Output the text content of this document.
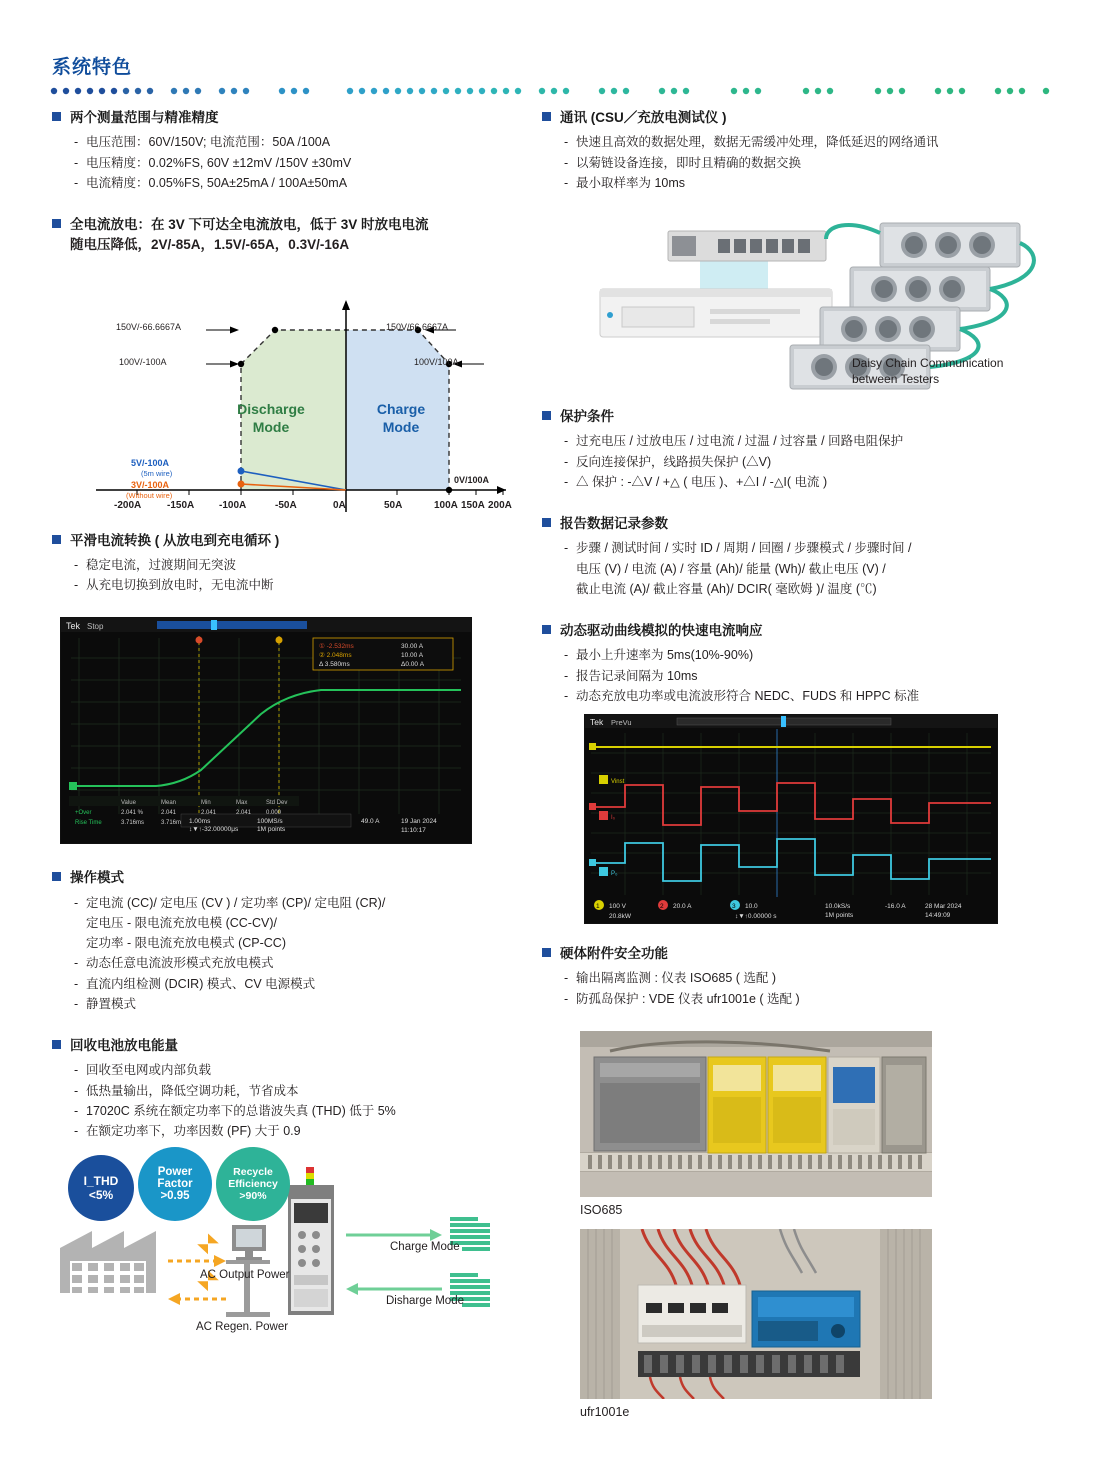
系统特色
两个测量范围与精准精度
- 电压范围：60V/150V; 电流范围：50A /100A
- 电压精度：0.02%FS, 60V ±12mV /150V ±30mV
- 电流精度：0.05%FS, 50A±25mA / 100A±50mA
全电流放电：在 3V 下可达全电流放电，低于 3V 时放电电流
随电压降低，2V/-85A，1.5V/-65A，0.3V/-16A
150V/-66.6667A	150V/66.6667A
100V/-100A	100V/100A
5V/-100A
(5m wire)
3V/-100A
(Without wire)
0V/100A
Discharge
Mode
Charge
Mode
-200A	-150A -100A	-50A	0A	50A	100A 150A 200A
平滑电流转换 ( 从放电到充电循环 )
- 稳定电流，过渡期间无突波
- 从充电切换到放电时，无电流中断
Tek Stop
① -2.532ms	30.00 A
② 2.048ms	10.00 A
Δ 3.580ms	Δ0.00 A
1.00ms	100MS/s
1M points
↕▼↑-32.00000μs
49.0 A	19 Jan 2024
11:10:17
Value	Mean	Min	Max	Std Dev
+Over	2.041 %	2.041	2.041	2.041 0.000
Rise Time	3.716ms	3.716m
操作模式
- 定电流 (CC)/ 定电压 (CV ) / 定功率 (CP)/ 定电阻 (CR)/
定电压 - 限电流充放电模 (CC-CV)/
定功率 - 限电流充放电模式 (CP-CC)
- 动态任意电流波形模式充放电模式
- 直流内组检测 (DCIR) 模式、CV 电源模式
- 静置模式
回收电池放电能量
- 回收至电网或内部负载
- 低热量输出，降低空调功耗，节省成本
- 17020C 系统在额定功率下的总谐波失真 (THD) 低于 5%
- 在额定功率下，功率因数 (PF) 大于 0.9
I_THD
<5%
Power
Factor
>0.95
Recycle
Efficiency
>90%
Charge Mode
Disharge Mode
AC Output Power
AC Regen. Power
通讯 (CSU／充放电测试仪 )
- 快速且高效的数据处理，数据无需缓冲处理，降低延迟的网络通讯
- 以菊链设备连接，即时且精确的数据交换
- 最小取样率为 10ms
Daisy Chain Communication
between Testers
保护条件
- 过充电压 / 过放电压 / 过电流 / 过温 / 过容量 / 回路电阻保护
- 反向连接保护，线路损失保护 (△V)
- △ 保护 : -△V / +△ ( 电压 )、+△I / -△I( 电流 )
报告数据记录参数
- 步骤 / 测试时间 / 实时 ID / 周期 / 回圈 / 步骤模式 / 步骤时间 /
电压 (V) / 电流 (A) / 容量 (Ah)/ 能量 (Wh)/ 截止电压 (V) /
截止电流 (A)/ 截止容量 (Ah)/ DCIR( 毫欧姆 )/ 温度 (℃)
动态驱动曲线模拟的快速电流响应
- 最小上升速率为 5ms(10%-90%)
- 报告记录间隔为 10ms
- 动态充放电功率或电流波形符合 NEDC、FUDS 和 HPPC 标准
Tek PreVu
Vinst
I₀
P₀
1 100 V	2 20.0 A	3 10.0	10.0kS/s
1M points
-16.0 A	28 Mar 2024
14:49:09
20.8kW	↕▼↑0.00000 s
硬体附件安全功能
- 输出隔离监测 : 仪表 ISO685 ( 选配 )
- 防孤岛保护 : VDE 仪表 ufr1001e ( 选配 )
ISO685
ufr1001e
